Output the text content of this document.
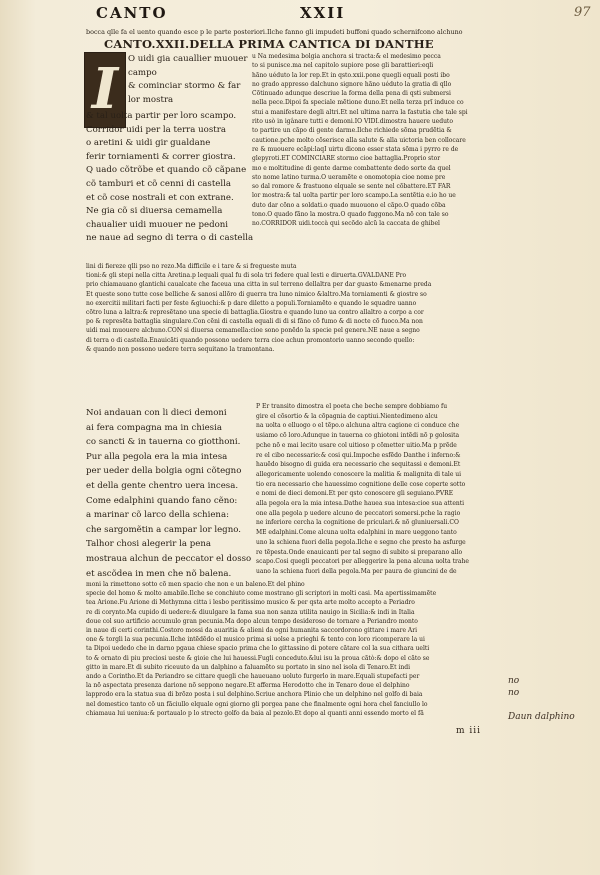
CANTO	XXII	97
bocca qlle fa el uento quando esce p le parte posteriori.Ilche fanno gli impudeti buffoni quado schernifcono alchuno
CANTO.XXII.DELLA PRIMA CANTICA DI DANTHE
I	O uidi gia cauallier muouer
campo
& cominciar stormo & far
lor mostra
& tal uolta partir per loro scampo.
Corridor uidi per la terra uostra
o aretini & uidi gir gualdane
ferir torniamenti & correr giostra.
Q uado cõtrõbe et quando cõ cãpane
cõ tamburi et cõ cenni di castella
et cõ cose nostrali et con extrane.
Ne gia cõ si diuersa cemamella
chaualier uidi muouer ne pedoni
ne naue ad segno di terra o di castella
u Na medesima bolgia anchora si tracta:& el medesimo pecca
to si punisce.ma nel capitolo supiore pose gli barattieri:eqli
hãno uéduto la lor rep.Et in qsto.xxii.pone quegli equali posti ibo
no grado appresso dalchuno signore hãno uéduto la gratia di qllo
Cõtinuado adunque descriue la forma della pena di qsti submersi
nella pece.Dipoi fa speciale mẽtione duno.Et nella terza prĩ induce co
stui a manifestare degli altri.Et nel ultima narra la fastutia che tale spi
rito usò in igânare tutti e demoni.IO VIDI.dimostra hauere ueduto
to partire un cãpo di gente darme.Ilche richiede sõma prudẽtia &
cautione.pche molto cõserisce alla salute & alla uictoria ben collocare
re & muouere ecãpi:laqI uirtu dicono esser stata sõma i pyrro re de
glepyroti.ET COMINCIARE stormo cioe battaglia.Proprio stor
mo e moltitudine di gente darme combattente dedo sorte da quel
sto nome latino turma.O ueramẽte e onomotopia cioe nome pre
so dal romore & frastuono elquale se sente nel cõbattere.ET FAR
lor mostra:& tal uolta partir per loro scampo.La sentẽtia e.io ho ue
duto dar cõno a soldati.o quado muouono el cãpo.O quado cõba
tono.O quado fãno la mostra.O quado fuggono.Ma nõ con tale so
no.CORRIDOR uidi.toccà qui secõdo alcũ la caccata de ghibel
lini di fiereze qlli pso no rezo.Ma difficile e i tare & si fregueste muta
tioni:& gli stepi nella citta Aretina.p lequali qual fu di sola tri federe qual lesti e diruerta.GVALDANE Pro
prio chiamauano glantichi caualcate che faceua una citta in sul terreno dellaltra per dar guasto &menarne preda
Et queste sono tutte cose belliche & sanosi allõro di guerra tra luno nimico &laltro.Ma torniamenti & giostre so
no exercitii militari facti per feste &giuochi:& p dare diletto a populi.Torniamẽto e quando le squadre uanno
cõtro luna a laltra:& represẽtano una specie di battaglia.Giostra e quando luno ua contro allaltro a corpo a cor
po & represẽta battaglia singulare.Con cẽni di castella equali di di si fãno cõ fumo & di nocte cõ fuoco.Ma non
uidi mai muouere alchuno.CON si diuersa cemamella:cioe sono ponẽdo la specie pel genere.NE naue a segno
di terra o di castella.Enauicãti quando possono uedere terra cioe achun promontorio uanno secondo quello:
& quando non possono uedere terra sequitano la tramontana.
Noi andauan con li dieci demoni
ai fera compagna ma in chiesia
co sancti & in tauerna co giotthoni.
Pur alla pegola era la mia intesa
per ueder della bolgia ogni cõtegno
et della gente chentro uera incesa.
Come edalphini quando fano cẽno:
a marinar cõ larco della schiena:
che sargomẽtin a campar lor legno.
Talhor chosi alegerir la pena
mostraua alchun de peccator el dosso
et ascõdea in men che nõ balena.
P Er transito dimostra el poeta che beche sempre dobbiamo fu
gire el cõsortio & la cõpagnia de captiui.Nientedimeno alcu
na uolta o elluogo o el tẽpo.o alchuna altra cagione ci conduce che
usiamo cõ loro.Adunque in tauerna co ghiotoni intẽdi nõ p golosita
pche nõ e mai lecito usare col uitioso p cõmetter uitio.Ma p prẽde
re el cibo necessario:& cosi qui.Impoche esfẽdo Danthe i inferno:&
hauẽdo bisogno di guida era necessario che sequitassi e demoni.Et
allegoricamente uolendo conoscere la malitia & malignita di tale ui
tio era necessario che hauessimo cognitione delle cose coperte sotto
e nomi de dieci demoni.Et per qsto conoscere gli seguiano.PVRE
alla pegola era la mia intesa.Dathe hauea sua intesa:cioe sua attenti
one alla pegola p uedere alcuno de peccatori somersi.pche la ragio
ne inferiore cercha la cognitione de priculari.& nõ gluniuersali.CO
ME edalphini.Come alcuna uolta edalphini in mare ueggono tanto
uno la schiena fuori della pegola.Ilche e segno che presto ha asfurge
re tẽpesta.Onde enauicanti per tal segno di subito si preparano allo
scapo.Cosi quegli peccatori per alleggerire la pena alcuna uolta trahe
uano la schiena fuori della pegola.Ma per paura de giuncini de de
moni la rimettono sotto cõ men spacio che non e un baleno.Et del phino
specie del homo & molto amabile.Ilche se conchiuto come mostrano gli scriptori in molti casi. Ma apertissimamẽte
tea Arione.Fu Arione di Methymna citta i lesbo peritissimo musico & per qsta arte molto accepto a Periadro
re di corynto.Ma cupido di uedere:& diuulgare la fama sua non sanza utilita nauigo in Sicilia:& indi in Italia
doue col suo artificio accumulo gran pecunia.Ma dopo alcun tempo desideroso de tornare a Periandro monto
in naue di certi corinthi.Costoro mossi da auaritia & alieni da ogni humanita saccordorono gittare i mare Ari
one & torgli la sua pecunia.Ilche intẽdẽdo el musico prima si uolse a prieghi & tento con loro ricomperare la ui
ta Dipoi uededo che in darno pgaua chiese spacio prima che lo gittassino di potere cãtare col la sua cithara uelti
to & ornato di piu preciosi ueste & gioie che lui hauessi.Fugli conceduto.&lui isu la proua cãtò:& dopo el cãto se
gitto in mare.Et di subito riceuuto da un dalphino a faluamẽto su portato in sino nel isola di Tenaro.Et indi
ando a Corintho.Et da Periandro se cittare quegli che haueuano uoluto furgerlo in mare.Equali stupefacti per
la nõ aspectata presenza darione nõ seppono negare.Et afferma Herodotto che in Tenaro doue el delphino
lapprodo era la statua sua di brõzo posta i sul delphino.Scriue anchora Plinio che un delphino nel golfo di baia
nel domestico tanto cõ un fãciullo elquale ogni giorno gli porgea pane che finalmente ogni hora chel fanciullo lo
chiamaua lui ueniua:& portaualo p lo strecto golfo da baia al pezolo.Et dopo al quanti anni essendo morto el fã
m iii
no
no
Daun dalphino
